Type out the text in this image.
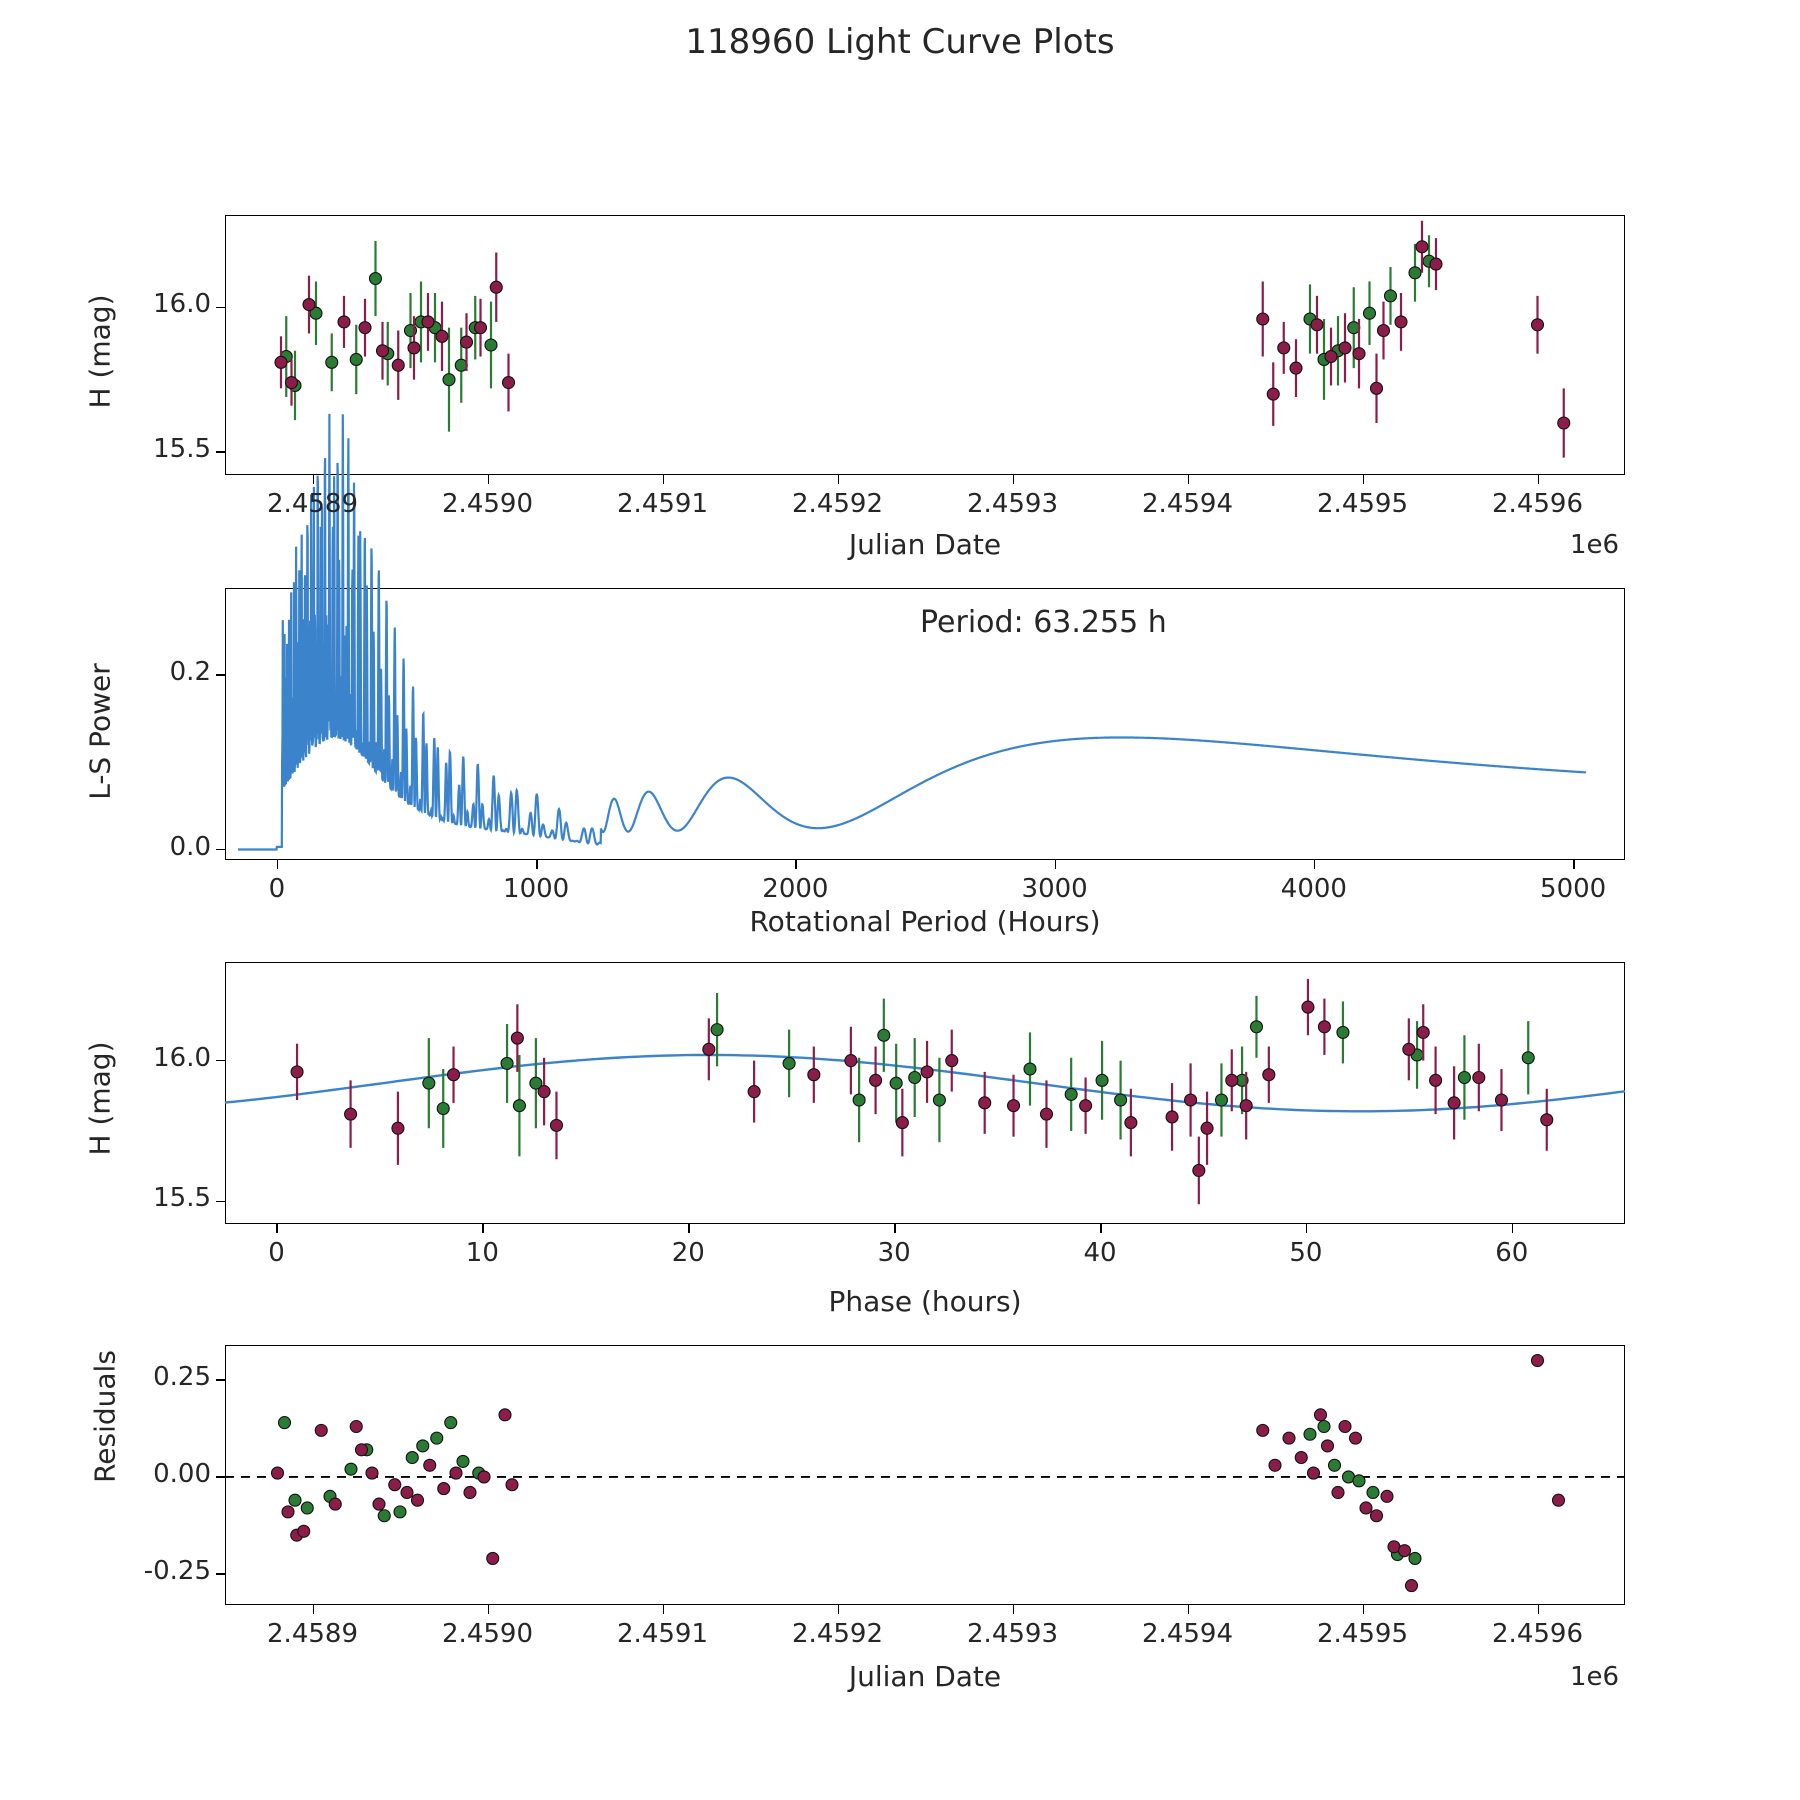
118960 Light Curve Plots
H (mag)
Julian Date	1e6
L-S Power
Rotational Period (Hours)
Period: 63.255 h
H (mag)
Phase (hours)
Residuals
Julian Date	1e6
2.4589	2.4590	2.4591	2.4592	2.4593	2.4594	2.4595	2.4596
16.0
15.5
0	1000	2000	3000	4000	5000
0.0
0.2
0	10	20	30	40	50	60
16.0
15.5
2.4589	2.4590	2.4591	2.4592	2.4593	2.4594	2.4595	2.4596
0.25
0.00
-0.25
